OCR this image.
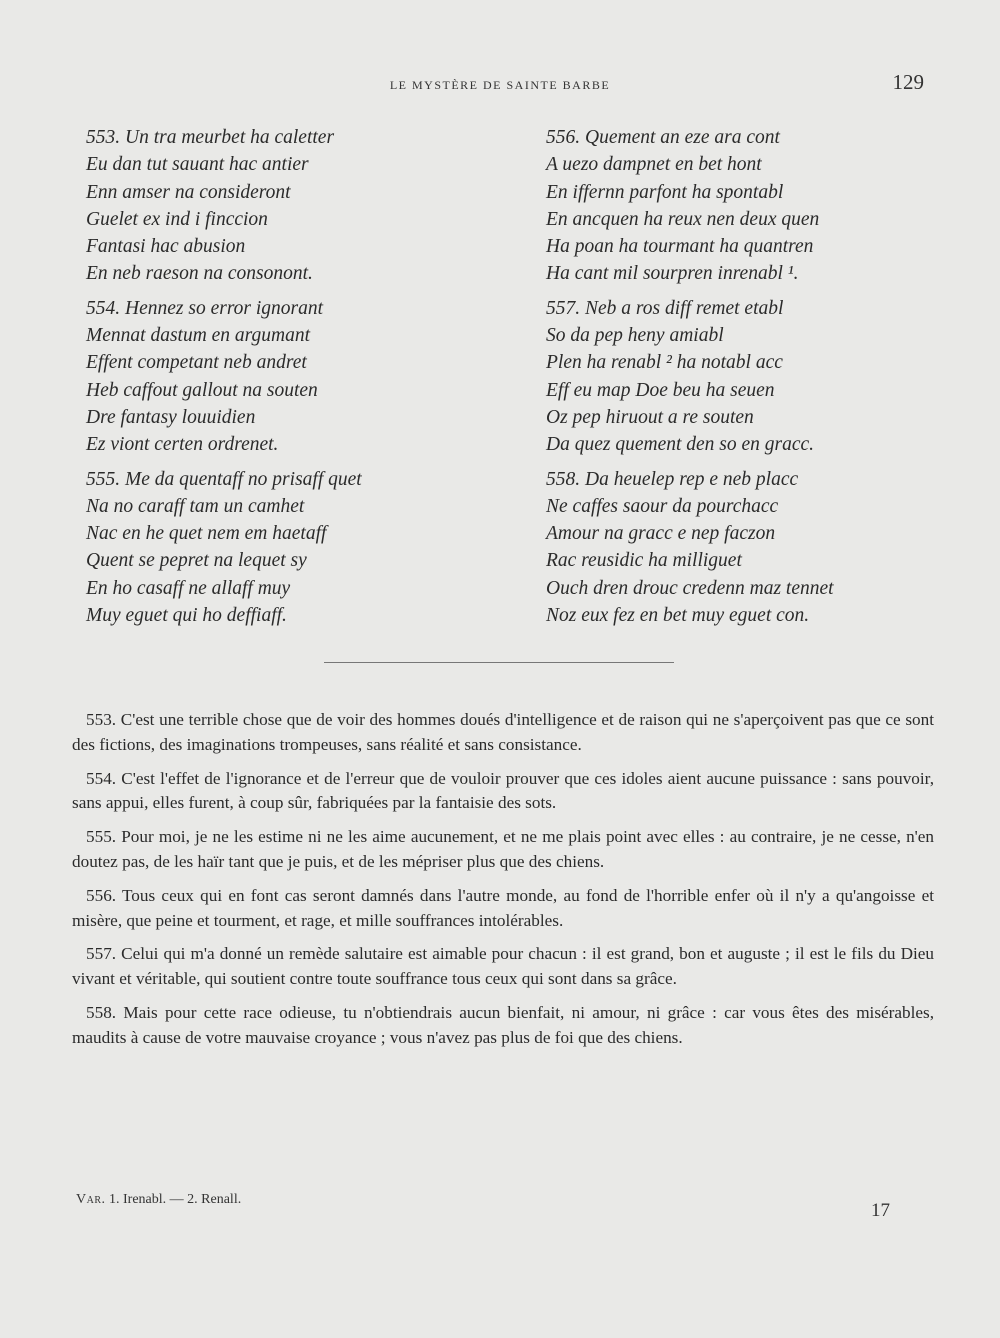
LE MYSTÈRE DE SAINTE BARBE	129
553. Un tra meurbet ha caletter
Eu dan tut sauant hac antier
Enn amser na consideront
Guelet ex ind i finccion
Fantasi hac abusion
En neb raeson na consonont.
554. Hennez so error ignorant
Mennat dastum en argumant
Effent competant neb andret
Heb caffout gallout na souten
Dre fantasy louuidien
Ez viont certen ordrenet.
555. Me da quentaff no prisaff quet
Na no caraff tam un camhet
Nac en he quet nem em haetaff
Quent se pepret na lequet sy
En ho casaff ne allaff muy
Muy eguet qui ho deffiaff.
556. Quement an eze ara cont
A uezo dampnet en bet hont
En iffernn parfont ha spontabl
En ancquen ha reux nen deux quen
Ha poan ha tourmant ha quantren
Ha cant mil sourpren inrenabl ¹.
557. Neb a ros diff remet etabl
So da pep heny amiabl
Plen ha renabl ² ha notabl acc
Eff eu map Doe beu ha seuen
Oz pep hiruout a re souten
Da quez quement den so en gracc.
558. Da heuelep rep e neb placc
Ne caffes saour da pourchacc
Amour na gracc e nep faczon
Rac reusidic ha milliguet
Ouch dren drouc credenn maz tennet
Noz eux fez en bet muy eguet con.

553. C'est une terrible chose que de voir des hommes doués d'intelligence et de raison qui ne s'aperçoivent pas que ce sont des fictions, des imaginations trompeuses, sans réalité et sans consistance.

554. C'est l'effet de l'ignorance et de l'erreur que de vouloir prouver que ces idoles aient aucune puissance : sans pouvoir, sans appui, elles furent, à coup sûr, fabriquées par la fantaisie des sots.

555. Pour moi, je ne les estime ni ne les aime aucunement, et ne me plais point avec elles : au contraire, je ne cesse, n'en doutez pas, de les haïr tant que je puis, et de les mépriser plus que des chiens.

556. Tous ceux qui en font cas seront damnés dans l'autre monde, au fond de l'horrible enfer où il n'y a qu'angoisse et misère, que peine et tourment, et rage, et mille souffrances intolérables.

557. Celui qui m'a donné un remède salutaire est aimable pour chacun : il est grand, bon et auguste ; il est le fils du Dieu vivant et véritable, qui soutient contre toute souffrance tous ceux qui sont dans sa grâce.

558. Mais pour cette race odieuse, tu n'obtiendrais aucun bienfait, ni amour, ni grâce : car vous êtes des misérables, maudits à cause de votre mauvaise croyance ; vous n'avez pas plus de foi que des chiens.

Var. 1. Irenabl. — 2. Renall.
17
